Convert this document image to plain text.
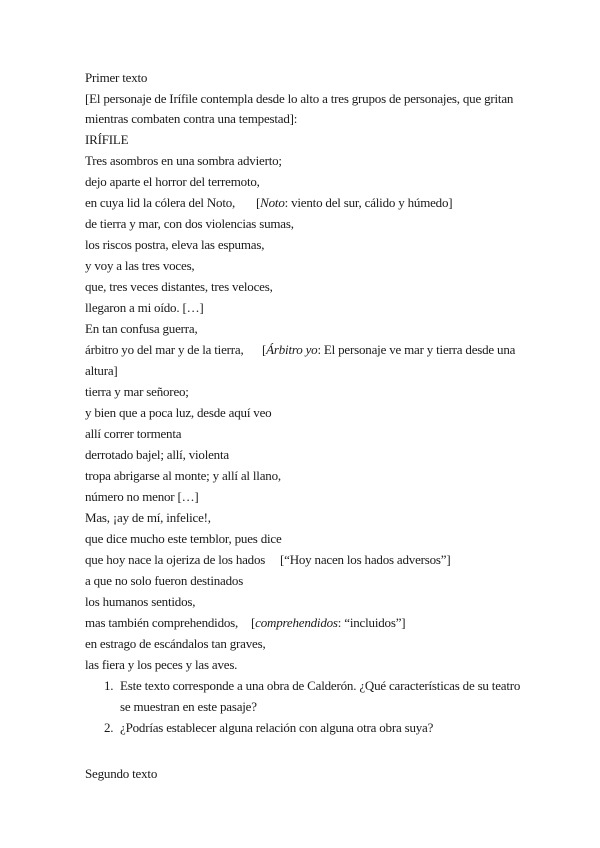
Primer texto
[El personaje de Irífile contempla desde lo alto a tres grupos de personajes, que gritan
mientras combaten contra una tempestad]:
IRÍFILE
Tres asombros en una sombra advierto;
dejo aparte el horror del terremoto,
en cuya lid la cólera del Noto, [Noto: viento del sur, cálido y húmedo]
de tierra y mar, con dos violencias sumas,
los riscos postra, eleva las espumas,
y voy a las tres voces,
que, tres veces distantes, tres veloces,
llegaron a mi oído. […]
En tan confusa guerra,
árbitro yo del mar y de la tierra, [Árbitro yo: El personaje ve mar y tierra desde una
altura]
tierra y mar señoreo;
y bien que a poca luz, desde aquí veo
allí correr tormenta
derrotado bajel; allí, violenta
tropa abrigarse al monte; y allí al llano,
número no menor […]
Mas, ¡ay de mí, infelice!,
que dice mucho este temblor, pues dice
que hoy nace la ojeriza de los hados [“Hoy nacen los hados adversos”]
a que no solo fueron destinados
los humanos sentidos,
mas también comprehendidos, [comprehendidos: “incluidos”]
en estrago de escándalos tan graves,
las fiera y los peces y las aves.
1. Este texto corresponde a una obra de Calderón. ¿Qué características de su teatro
se muestran en este pasaje?
2. ¿Podrías establecer alguna relación con alguna otra obra suya?
Segundo texto
